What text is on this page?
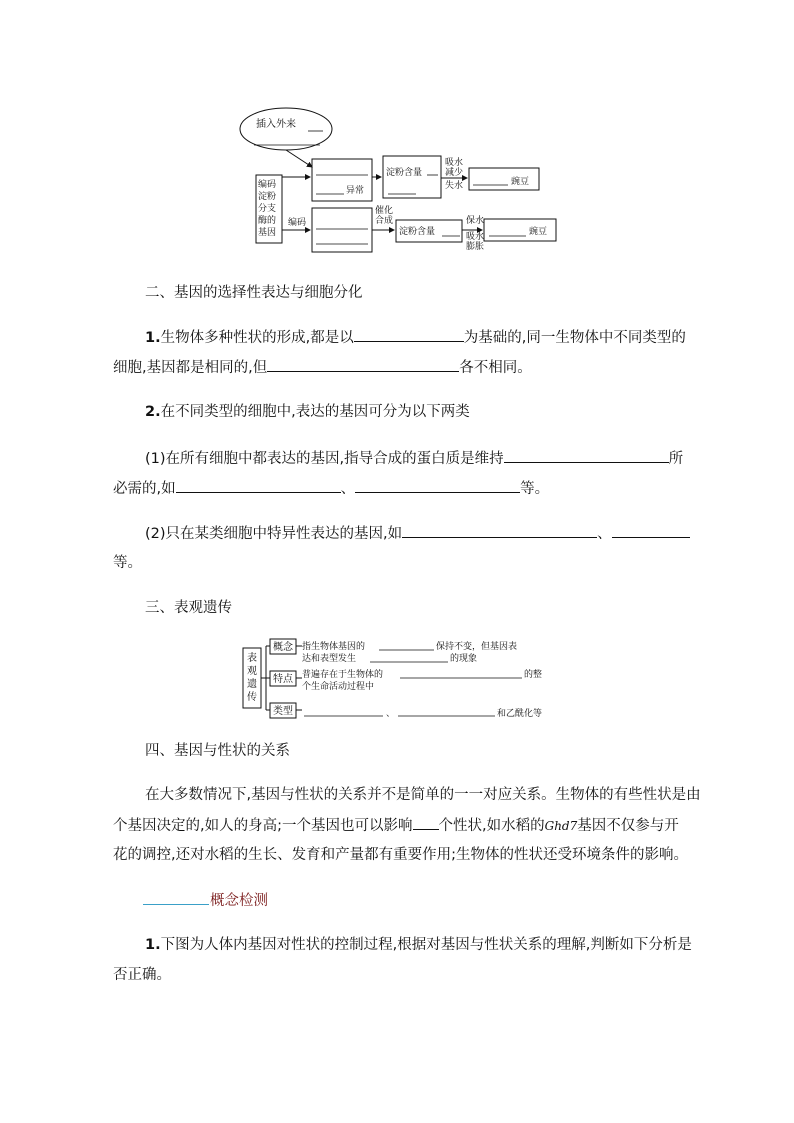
插入外来
编码
淀粉
分支
酶的
基因
异常
淀粉含量
吸水
减少
失水	豌豆
编码
催化
合成
淀粉含量
保水
吸水
膨胀
豌豆
二、基因的选择性表达与细胞分化
1.生物体多种性状的形成,都是以	为基础的,同一生物体中不同类型的
细胞,基因都是相同的,但	各不相同。
2.在不同类型的细胞中,表达的基因可分为以下两类
(1)在所有细胞中都表达的基因,指导合成的蛋白质是维持	所
必需的,如	、	等。
(2)只在某类细胞中特异性表达的基因,如	、
等。
三、表观遗传
表
观
遗
传
概念 指生物体基因的	保持不变，但基因表
达和表型发生	的现象
特点 普遍存在于生物体的	的整
个生命活动过程中
类型	、	和乙酰化等
四、基因与性状的关系
在大多数情况下,基因与性状的关系并不是简单的一一对应关系。生物体的有些性状是由
个基因决定的,如人的身高;一个基因也可以影响 个性状,如水稻的Ghd7基因不仅参与开
花的调控,还对水稻的生长、发育和产量都有重要作用;生物体的性状还受环境条件的影响。
概念检测
1.下图为人体内基因对性状的控制过程,根据对基因与性状关系的理解,判断如下分析是
否正确。
